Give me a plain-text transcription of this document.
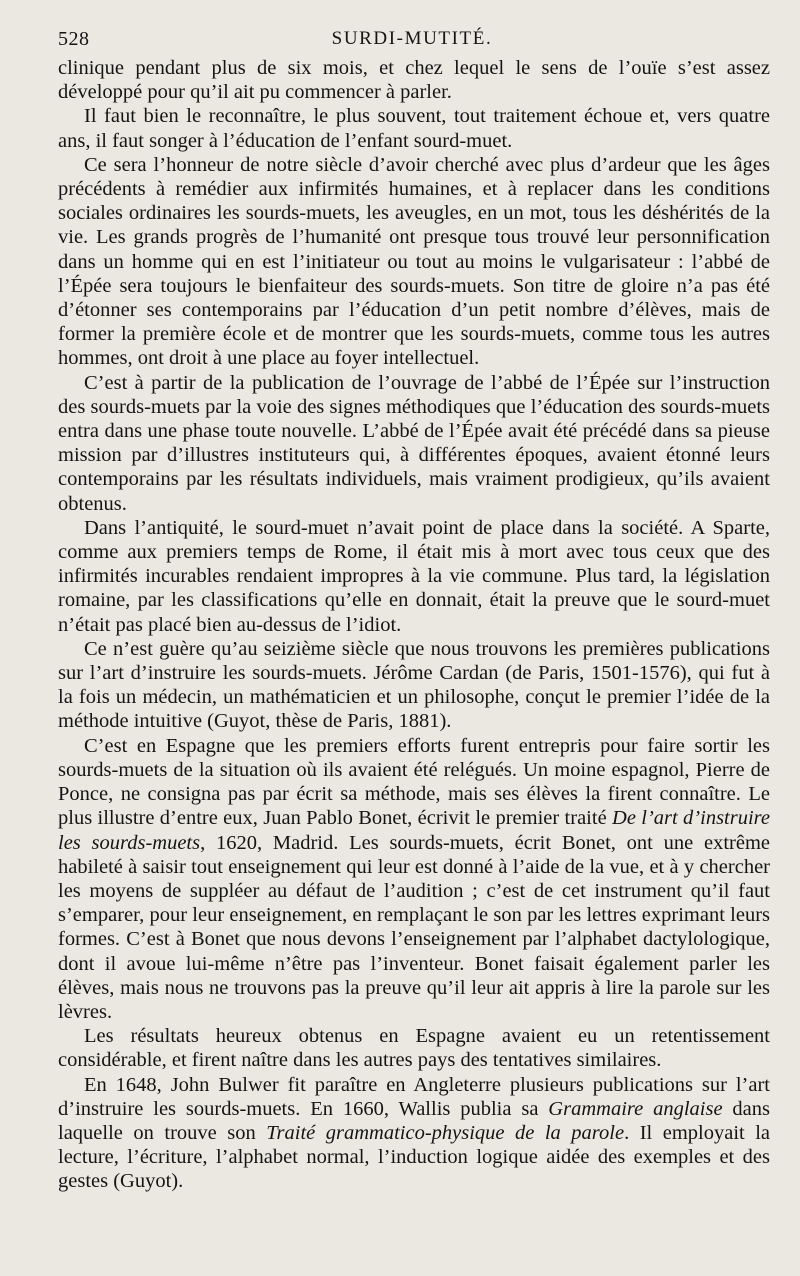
528	SURDI-MUTITÉ.

clinique pendant plus de six mois, et chez lequel le sens de l’ouïe s’est assez développé pour qu’il ait pu commencer à parler.

Il faut bien le reconnaître, le plus souvent, tout traitement échoue et, vers quatre ans, il faut songer à l’éducation de l’enfant sourd-muet.

Ce sera l’honneur de notre siècle d’avoir cherché avec plus d’ardeur que les âges précédents à remédier aux infirmités humaines, et à replacer dans les conditions sociales ordinaires les sourds-muets, les aveugles, en un mot, tous les déshérités de la vie. Les grands progrès de l’humanité ont presque tous trouvé leur personnification dans un homme qui en est l’initiateur ou tout au moins le vulgarisateur : l’abbé de l’Épée sera toujours le bienfaiteur des sourds-muets. Son titre de gloire n’a pas été d’étonner ses contemporains par l’éducation d’un petit nombre d’élèves, mais de former la première école et de montrer que les sourds-muets, comme tous les autres hommes, ont droit à une place au foyer intellectuel.

C’est à partir de la publication de l’ouvrage de l’abbé de l’Épée sur l’instruction des sourds-muets par la voie des signes méthodiques que l’éducation des sourds-muets entra dans une phase toute nouvelle. L’abbé de l’Épée avait été précédé dans sa pieuse mission par d’illustres instituteurs qui, à différentes époques, avaient étonné leurs contemporains par les résultats individuels, mais vraiment prodigieux, qu’ils avaient obtenus.

Dans l’antiquité, le sourd-muet n’avait point de place dans la société. A Sparte, comme aux premiers temps de Rome, il était mis à mort avec tous ceux que des infirmités incurables rendaient impropres à la vie commune. Plus tard, la législation romaine, par les classifications qu’elle en donnait, était la preuve que le sourd-muet n’était pas placé bien au-dessus de l’idiot.

Ce n’est guère qu’au seizième siècle que nous trouvons les premières publications sur l’art d’instruire les sourds-muets. Jérôme Cardan (de Paris, 1501-1576), qui fut à la fois un médecin, un mathématicien et un philosophe, conçut le premier l’idée de la méthode intuitive (Guyot, thèse de Paris, 1881).

C’est en Espagne que les premiers efforts furent entrepris pour faire sortir les sourds-muets de la situation où ils avaient été relégués. Un moine espagnol, Pierre de Ponce, ne consigna pas par écrit sa méthode, mais ses élèves la firent connaître. Le plus illustre d’entre eux, Juan Pablo Bonet, écrivit le premier traité De l’art d’instruire les sourds-muets, 1620, Madrid. Les sourds-muets, écrit Bonet, ont une extrême habileté à saisir tout enseignement qui leur est donné à l’aide de la vue, et à y chercher les moyens de suppléer au défaut de l’audition ; c’est de cet instrument qu’il faut s’emparer, pour leur enseignement, en remplaçant le son par les lettres exprimant leurs formes. C’est à Bonet que nous devons l’enseignement par l’alphabet dactylologique, dont il avoue lui-même n’être pas l’inventeur. Bonet faisait également parler les élèves, mais nous ne trouvons pas la preuve qu’il leur ait appris à lire la parole sur les lèvres.

Les résultats heureux obtenus en Espagne avaient eu un retentissement considérable, et firent naître dans les autres pays des tentatives similaires.

En 1648, John Bulwer fit paraître en Angleterre plusieurs publications sur l’art d’instruire les sourds-muets. En 1660, Wallis publia sa Grammaire anglaise dans laquelle on trouve son Traité grammatico-physique de la parole. Il employait la lecture, l’écriture, l’alphabet normal, l’induction logique aidée des exemples et des gestes (Guyot).
